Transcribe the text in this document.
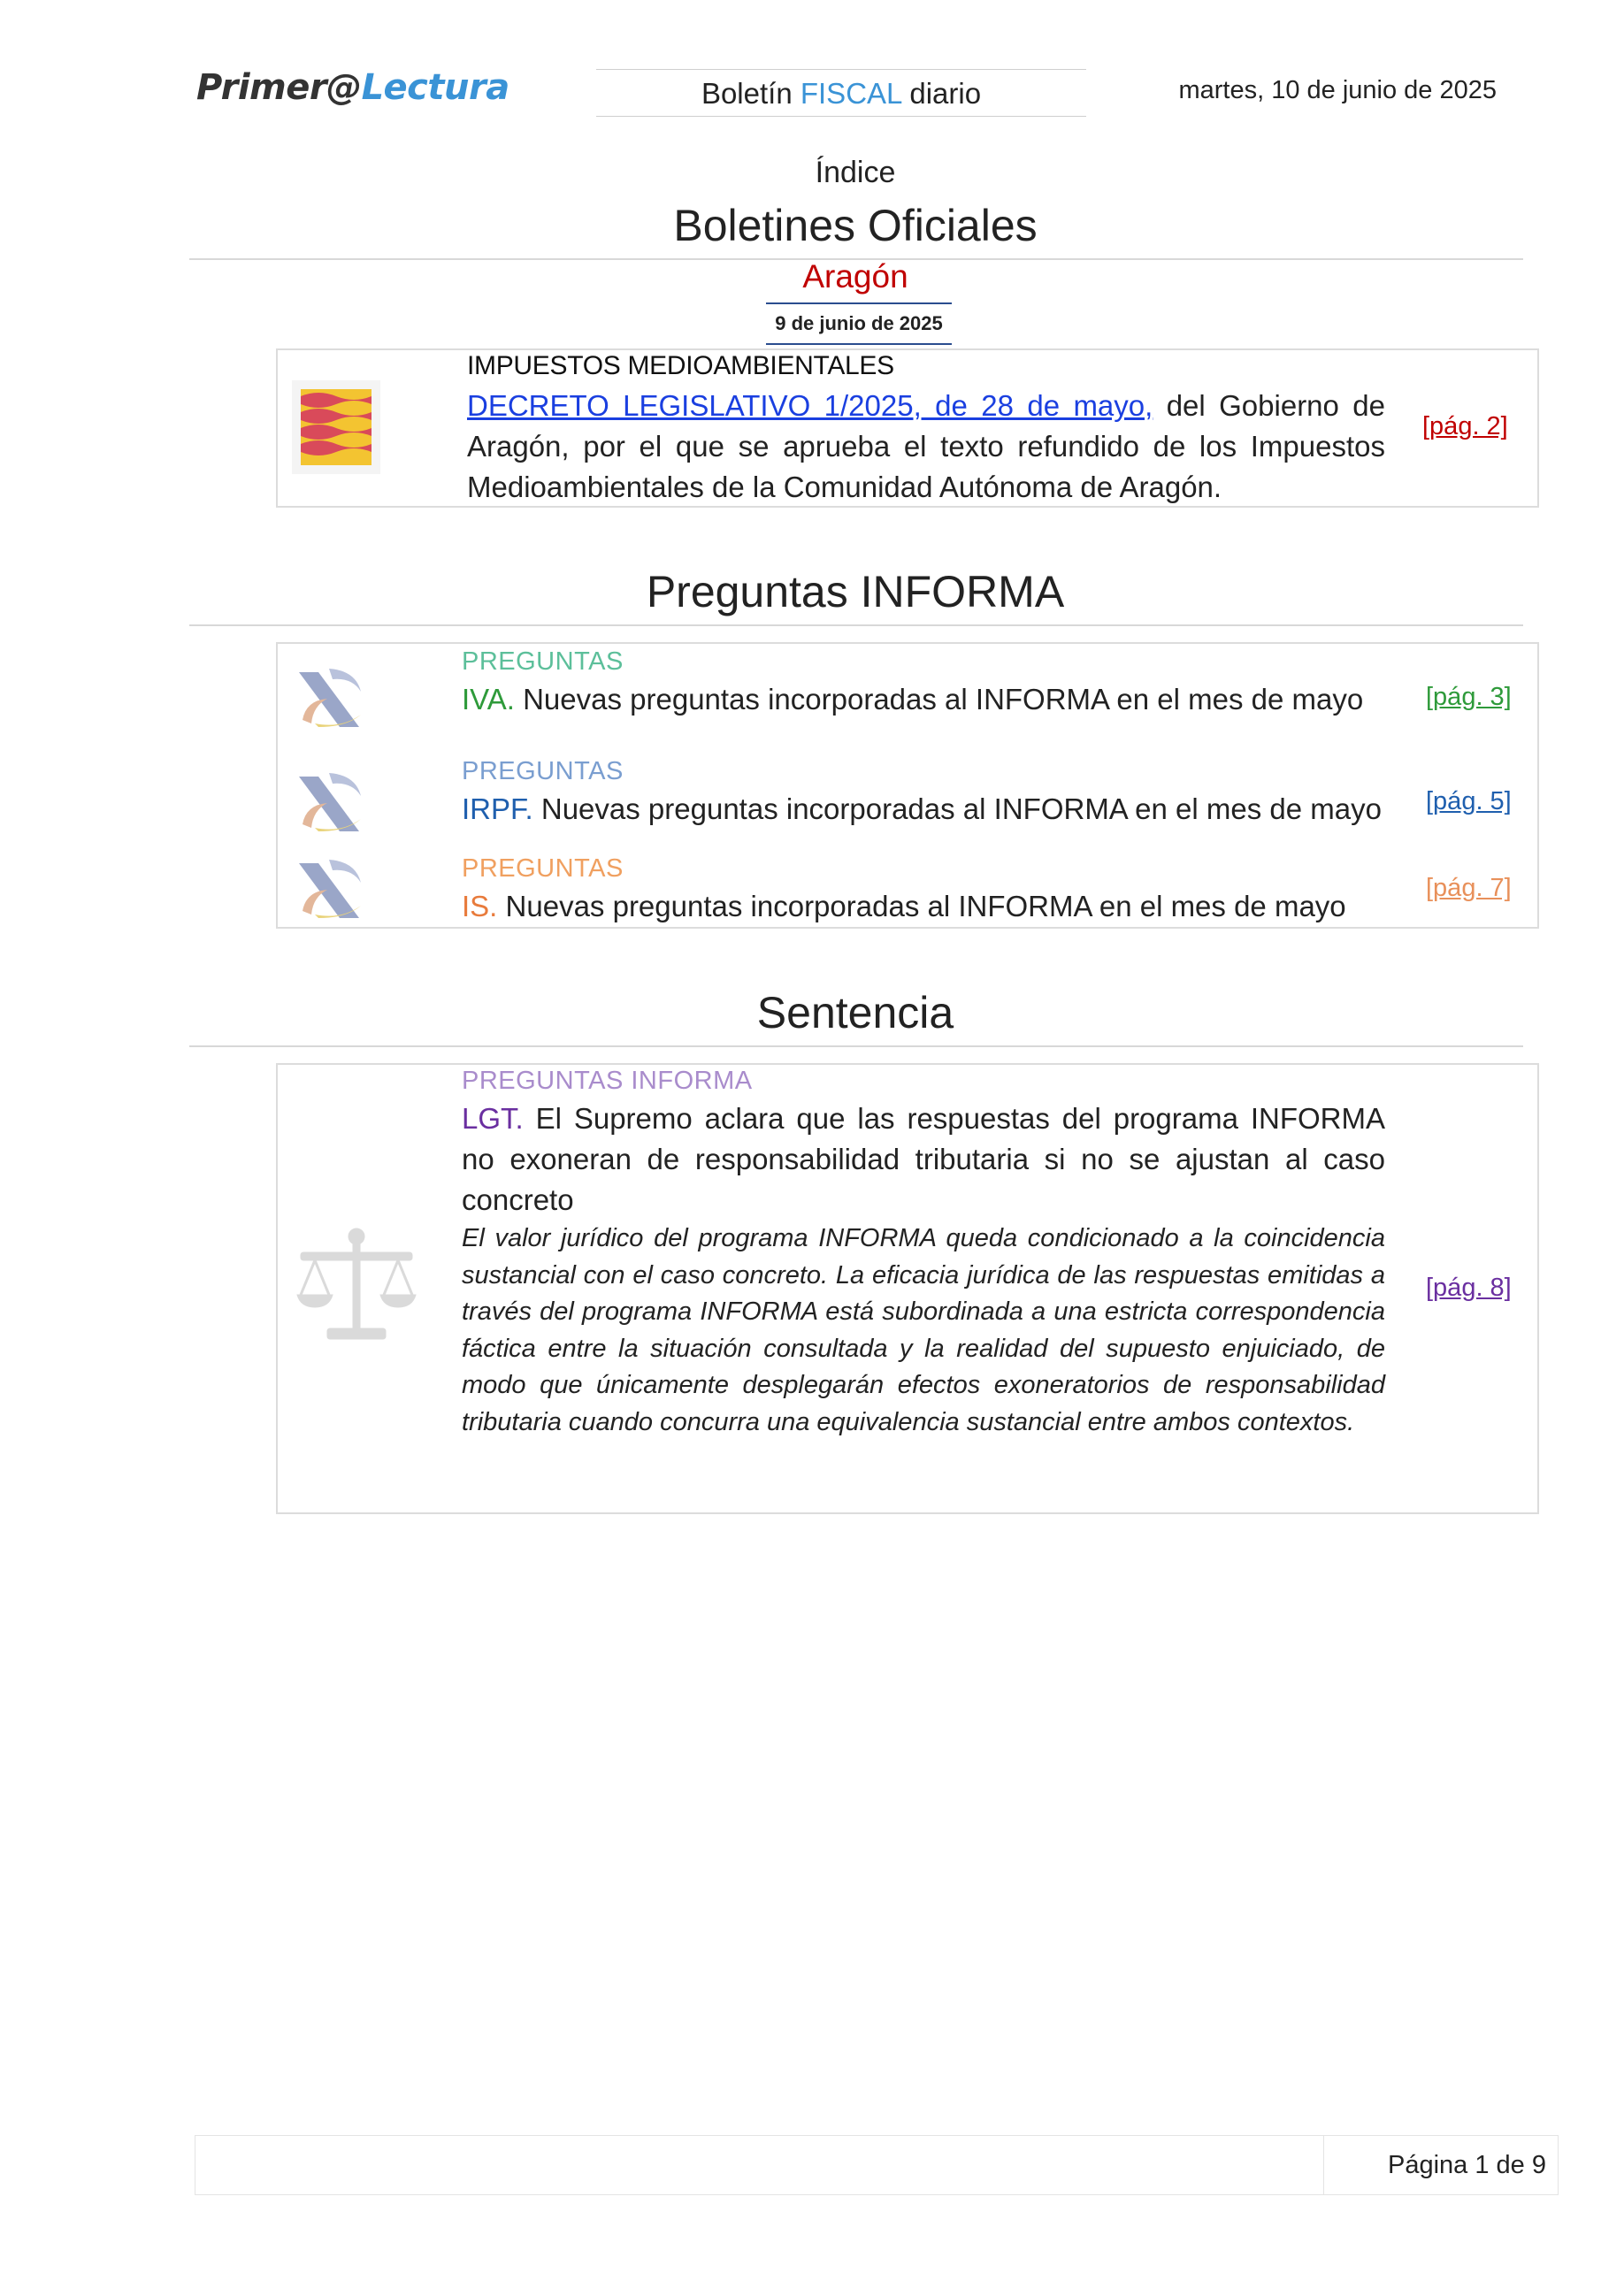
Primer@Lectura	Boletín FISCAL diario	martes, 10 de junio de 2025
Índice
Boletines Oficiales
Aragón
9 de junio de 2025
IMPUESTOS MEDIOAMBIENTALES
DECRETO LEGISLATIVO 1/2025, de 28 de mayo, del Gobierno de Aragón, por el que se aprueba el texto refundido de los Impuestos Medioambientales de la Comunidad Autónoma de Aragón.
[pág. 2]
Preguntas INFORMA
PREGUNTAS
IVA. Nuevas preguntas incorporadas al INFORMA en el mes de mayo [pág. 3]
PREGUNTAS
IRPF. Nuevas preguntas incorporadas al INFORMA en el mes de mayo [pág. 5]
PREGUNTAS
IS. Nuevas preguntas incorporadas al INFORMA en el mes de mayo
[pág. 7]
Sentencia
PREGUNTAS INFORMA
LGT. El Supremo aclara que las respuestas del programa INFORMA no exoneran de responsabilidad tributaria si no se ajustan al caso concreto
El valor jurídico del programa INFORMA queda condicionado a la coincidencia sustancial con el caso concreto. La eficacia jurídica de las respuestas emitidas a través del programa INFORMA está subordinada a una estricta correspondencia fáctica entre la situación consultada y la realidad del supuesto enjuiciado, de modo que únicamente desplegarán efectos exoneratorios de responsabilidad tributaria cuando concurra una equivalencia sustancial entre ambos contextos.
[pág. 8]
Página 1 de 9
